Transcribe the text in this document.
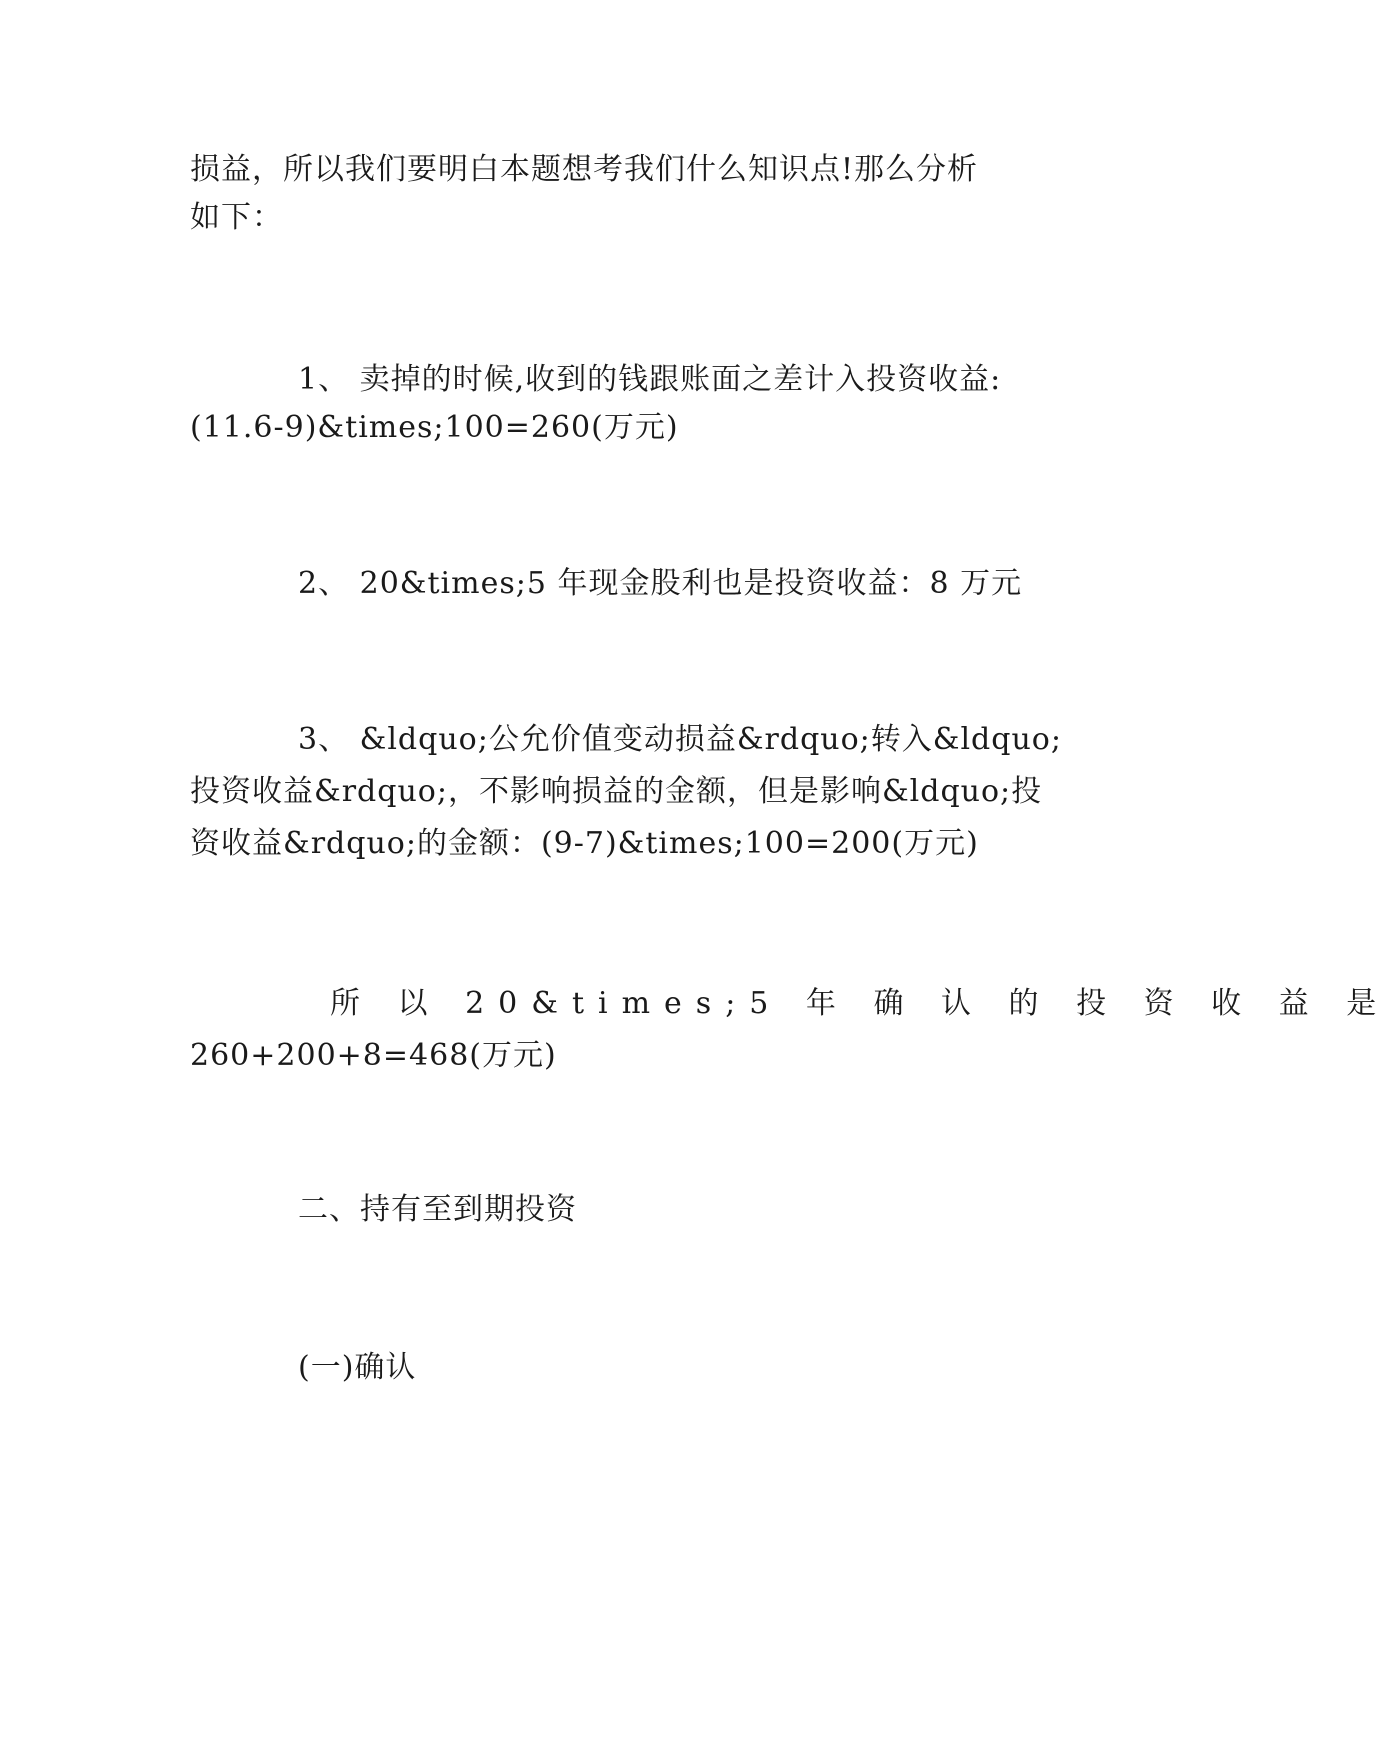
损益，所以我们要明白本题想考我们什么知识点!那么分析
如下：
1、 卖掉的时候,收到的钱跟账面之差计入投资收益:
(11.6-9)&times;100=260(万元)
2、 20&times;5 年现金股利也是投资收益：8 万元
3、 &ldquo;公允价值变动损益&rdquo;转入&ldquo;
投资收益&rdquo;，不影响损益的金额，但是影响&ldquo;投
资收益&rdquo;的金额：(9-7)&times;100=200(万元)
所 以 20&times;5 年 确 认 的 投 资 收 益 是
260+200+8=468(万元)
二、持有至到期投资
(一)确认
